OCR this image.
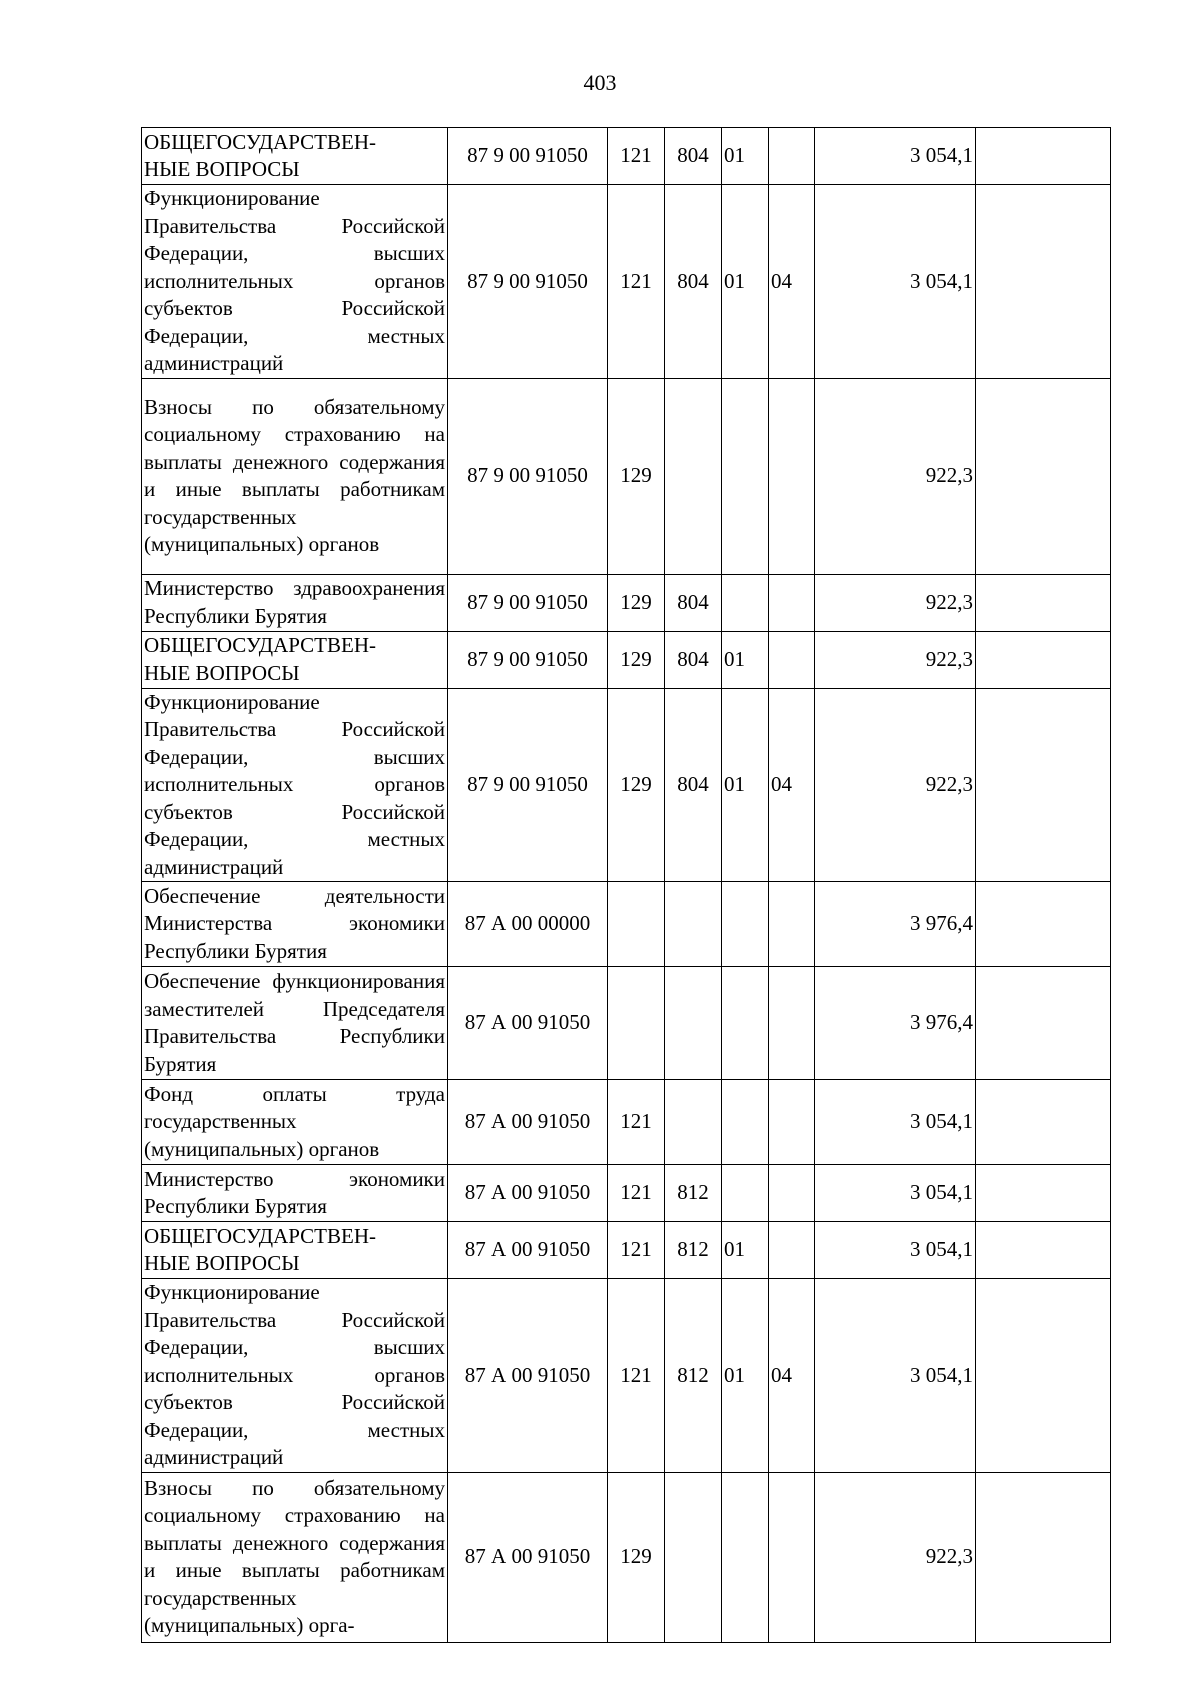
403
ОБЩЕГОСУДАРСТВЕН-
НЫЕ ВОПРОСЫ	87 9 00 91050	121	804	01		3 054,1	

Функционирование Правительства Российской Федерации, высших исполнительных органов субъектов Российской Федерации, местных администраций	87 9 00 91050	121	804	01	04	3 054,1	

Взносы по обязательному социальному страхованию на выплаты денежного содержания и иные выплаты работникам государственных (муниципальных) органов	87 9 00 91050	129				922,3	

Министерство здравоохранения Республики Бурятия	87 9 00 91050	129	804			922,3	

ОБЩЕГОСУДАРСТВЕН-
НЫЕ ВОПРОСЫ	87 9 00 91050	129	804	01		922,3	

Функционирование Правительства Российской Федерации, высших исполнительных органов субъектов Российской Федерации, местных администраций	87 9 00 91050	129	804	01	04	922,3	

Обеспечение деятельности Министерства экономики Республики Бурятия	87 А 00 00000					3 976,4	

Обеспечение функционирования заместителей Председателя Правительства Республики Бурятия	87 А 00 91050					3 976,4	

Фонд оплаты труда государственных (муниципальных) органов	87 А 00 91050	121				3 054,1	

Министерство экономики Республики Бурятия	87 А 00 91050	121	812			3 054,1	

ОБЩЕГОСУДАРСТВЕН-
НЫЕ ВОПРОСЫ	87 А 00 91050	121	812	01		3 054,1	

Функционирование Правительства Российской Федерации, высших исполнительных органов субъектов Российской Федерации, местных администраций	87 А 00 91050	121	812	01	04	3 054,1	

Взносы по обязательному социальному страхованию на выплаты денежного содержания и иные выплаты работникам государственных (муниципальных) орга-	87 А 00 91050	129				922,3	
